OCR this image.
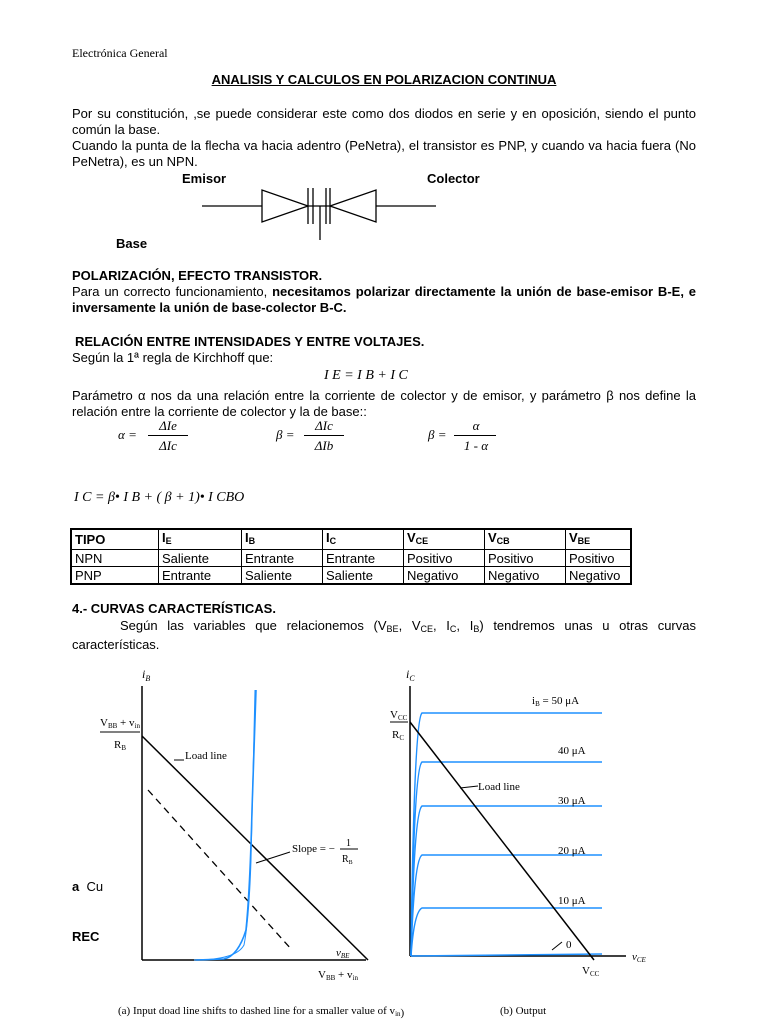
Electrónica General
ANALISIS Y CALCULOS EN POLARIZACION CONTINUA
Por su constitución, ,se puede considerar este como dos diodos en serie y en oposición, siendo el punto común la base.
Cuando la punta de la flecha va hacia adentro (PeNetra), el transistor es PNP, y cuando va hacia fuera (No PeNetra), es un NPN.
Emisor	Colector
Base
POLARIZACIÓN, EFECTO TRANSISTOR.
Para un correcto funcionamiento, necesitamos polarizar directamente la unión de base-emisor B-E, e inversamente la unión de base-colector B-C.
RELACIÓN ENTRE INTENSIDADES Y ENTRE VOLTAJES.
Según la 1ª regla de Kirchhoff que:
I E = I B + I C
Parámetro α nos da una relación entre la corriente de colector y de emisor, y parámetro β nos define la relación entre la corriente de colector y la de base::
α =
ΔIe
ΔIc
β =
ΔIc
ΔIb
β =
α
1 - α
I C = β• I B + ( β + 1)• I CBO
TIPO	$I_E$	$I_B$	$I_C$	$V_{CE}$	$V_{CB}$	$V_{BE}$
NPN	Saliente	Entrante	Entrante	Positivo	Positivo	Positivo
PNP	Entrante	Saliente	Saliente	Negativo	Negativo	Negativo
4.- CURVAS CARACTERÍSTICAS.
Según las variables que relacionemos ($V_{BE}$, $V_{CE}$, $I_C$, $I_B$) tendremos unas u otras curvas características.
a Cu
REC
$i_B$
VBB + vin
RB
Load line
Slope = − 1
$R_B$
vBE
VBB + vin
(a) Input doad line shifts to dashed line for a smaller value of vin)
$i_C$
VCC
RC
Load line
iB = 50 μA
40 μA
30 μA
20 μA
10 μA
0
vCE
VCC
(b) Output
